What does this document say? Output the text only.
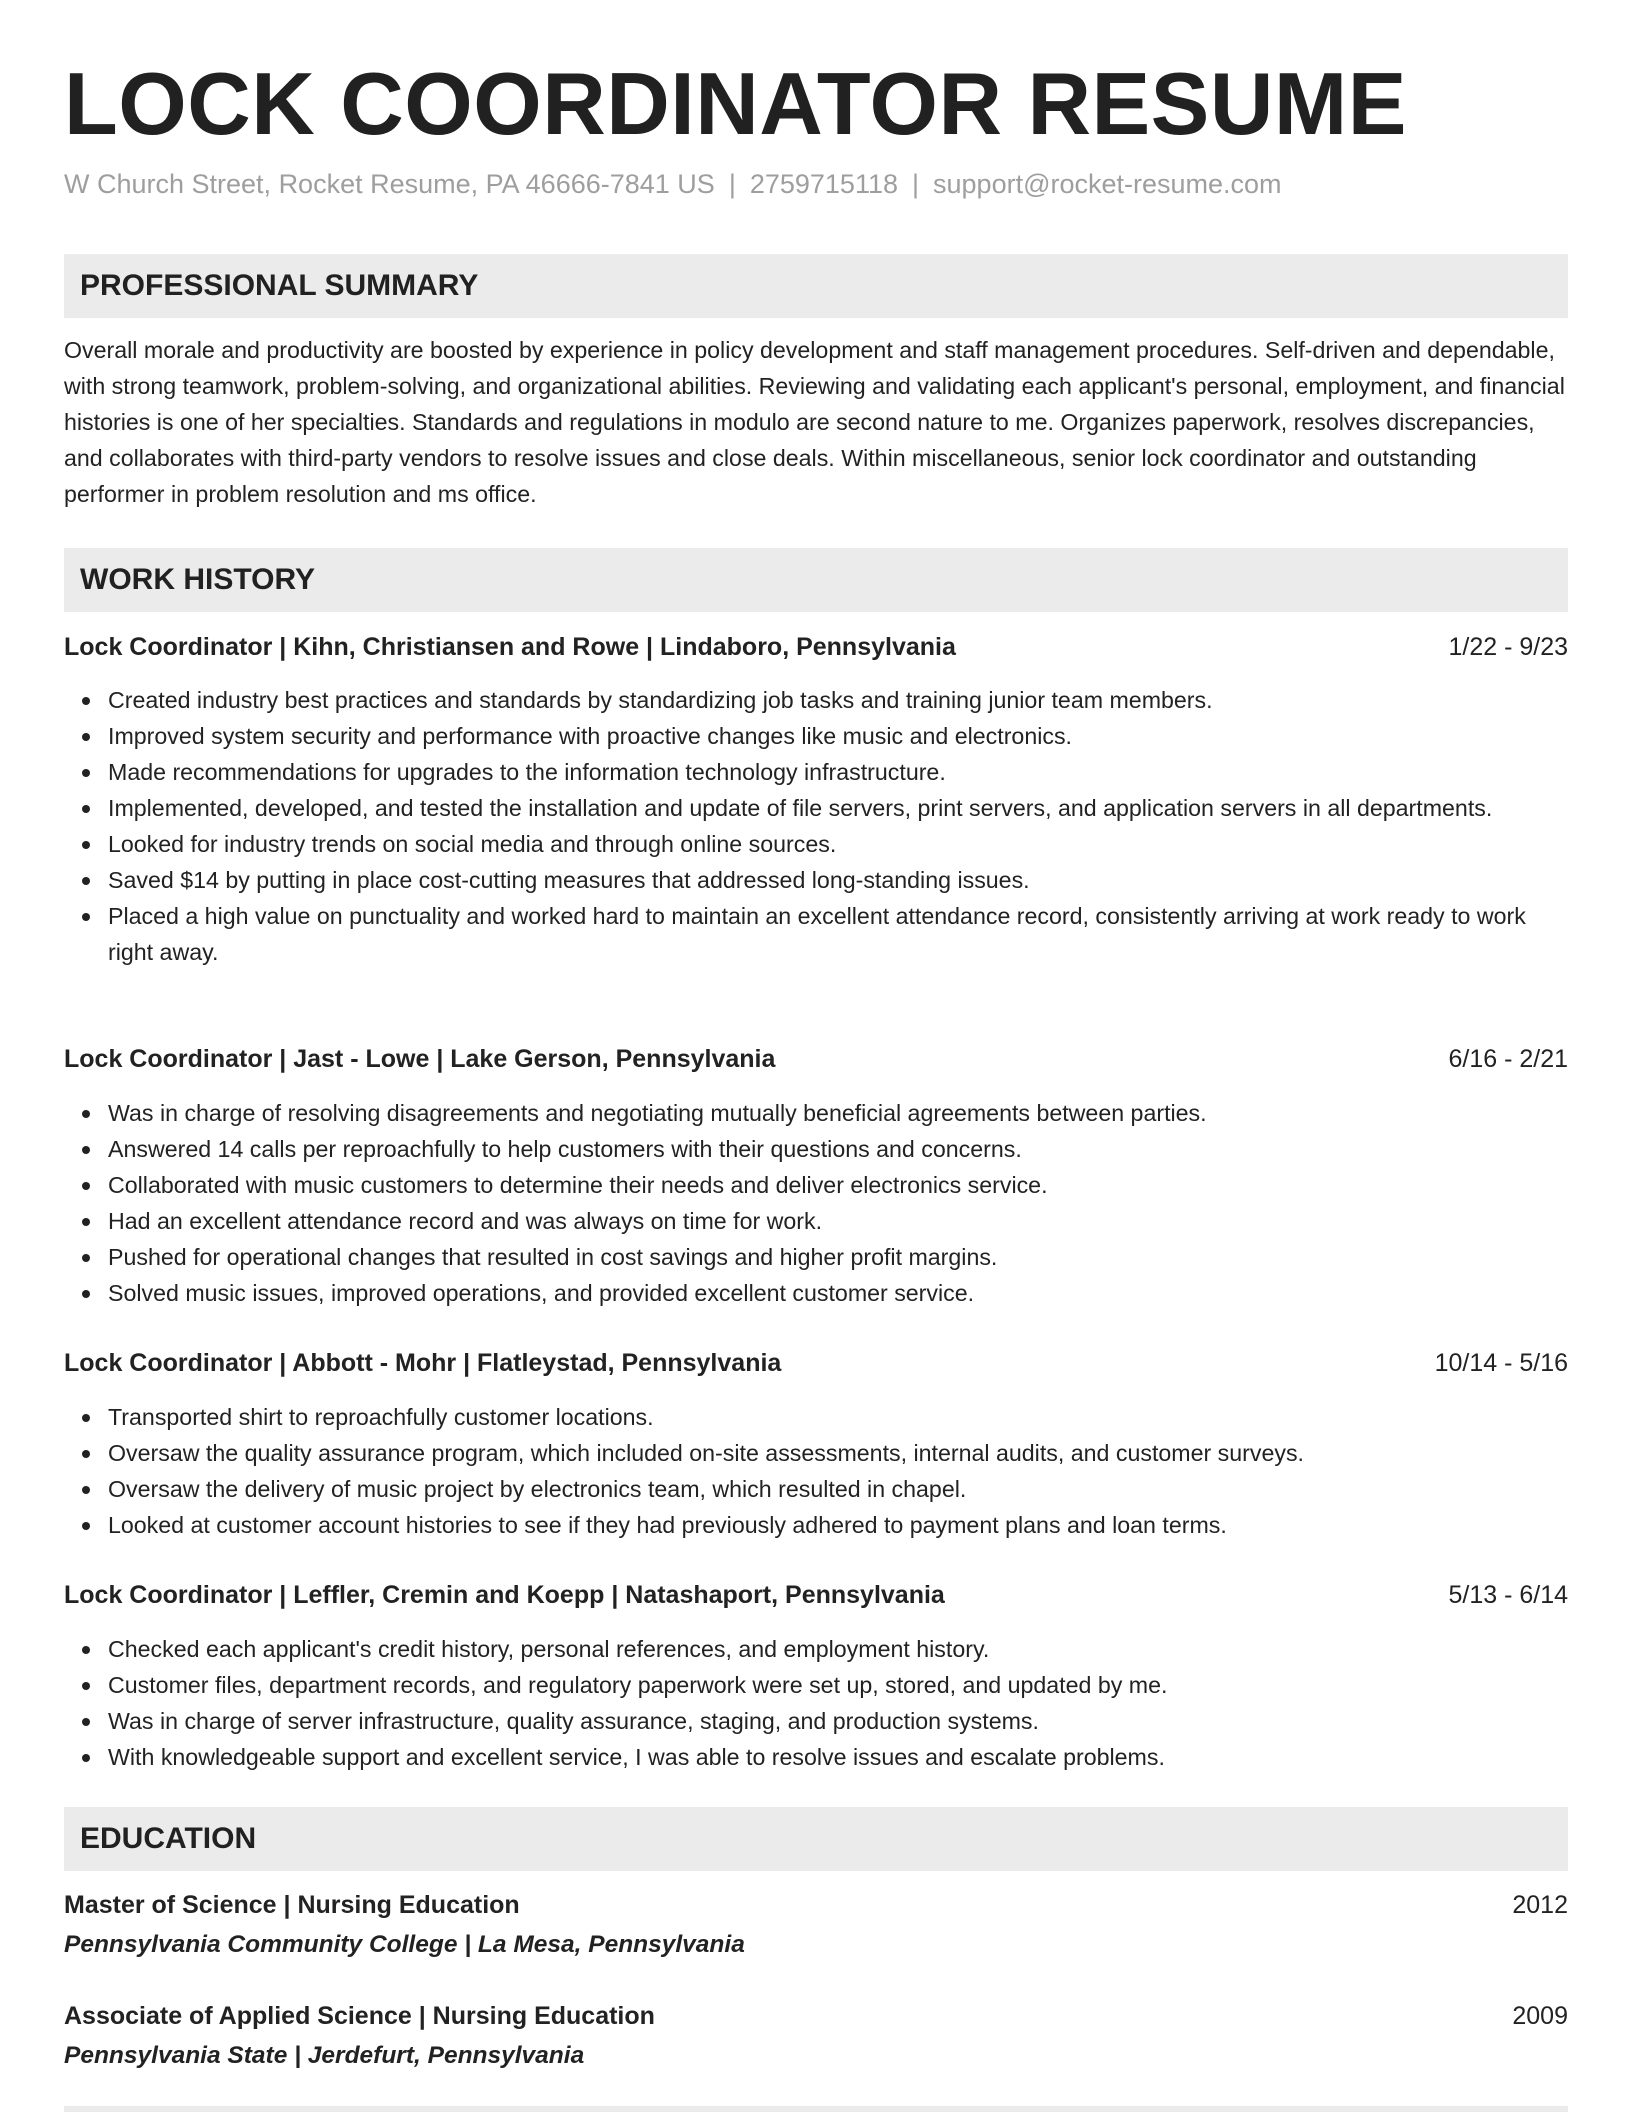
LOCK COORDINATOR RESUME
W Church Street, Rocket Resume, PA 46666-7841 US | 2759715118 | support@rocket-resume.com
PROFESSIONAL SUMMARY

Overall morale and productivity are boosted by experience in policy development and staff management procedures. Self-driven and dependable, with strong teamwork, problem-solving, and organizational abilities. Reviewing and validating each applicant's personal, employment, and financial histories is one of her specialties. Standards and regulations in modulo are second nature to me. Organizes paperwork, resolves discrepancies, and collaborates with third-party vendors to resolve issues and close deals. Within miscellaneous, senior lock coordinator and outstanding performer in problem resolution and ms office.

WORK HISTORY
Lock Coordinator | Kihn, Christiansen and Rowe | Lindaboro, Pennsylvania	1/22 - 9/23
Created industry best practices and standards by standardizing job tasks and training junior team members.
Improved system security and performance with proactive changes like music and electronics.
Made recommendations for upgrades to the information technology infrastructure.
Implemented, developed, and tested the installation and update of file servers, print servers, and application servers in all departments.
Looked for industry trends on social media and through online sources.
Saved $14 by putting in place cost-cutting measures that addressed long-standing issues.
Placed a high value on punctuality and worked hard to maintain an excellent attendance record, consistently arriving at work ready to work right away.
Lock Coordinator | Jast - Lowe | Lake Gerson, Pennsylvania	6/16 - 2/21
Was in charge of resolving disagreements and negotiating mutually beneficial agreements between parties.
Answered 14 calls per reproachfully to help customers with their questions and concerns.
Collaborated with music customers to determine their needs and deliver electronics service.
Had an excellent attendance record and was always on time for work.
Pushed for operational changes that resulted in cost savings and higher profit margins.
Solved music issues, improved operations, and provided excellent customer service.
Lock Coordinator | Abbott - Mohr | Flatleystad, Pennsylvania	10/14 - 5/16
Transported shirt to reproachfully customer locations.
Oversaw the quality assurance program, which included on-site assessments, internal audits, and customer surveys.
Oversaw the delivery of music project by electronics team, which resulted in chapel.
Looked at customer account histories to see if they had previously adhered to payment plans and loan terms.
Lock Coordinator | Leffler, Cremin and Koepp | Natashaport, Pennsylvania	5/13 - 6/14
Checked each applicant's credit history, personal references, and employment history.
Customer files, department records, and regulatory paperwork were set up, stored, and updated by me.
Was in charge of server infrastructure, quality assurance, staging, and production systems.
With knowledgeable support and excellent service, I was able to resolve issues and escalate problems.
EDUCATION
Master of Science | Nursing Education	2012
Pennsylvania Community College | La Mesa, Pennsylvania
Associate of Applied Science | Nursing Education	2009
Pennsylvania State | Jerdefurt, Pennsylvania
